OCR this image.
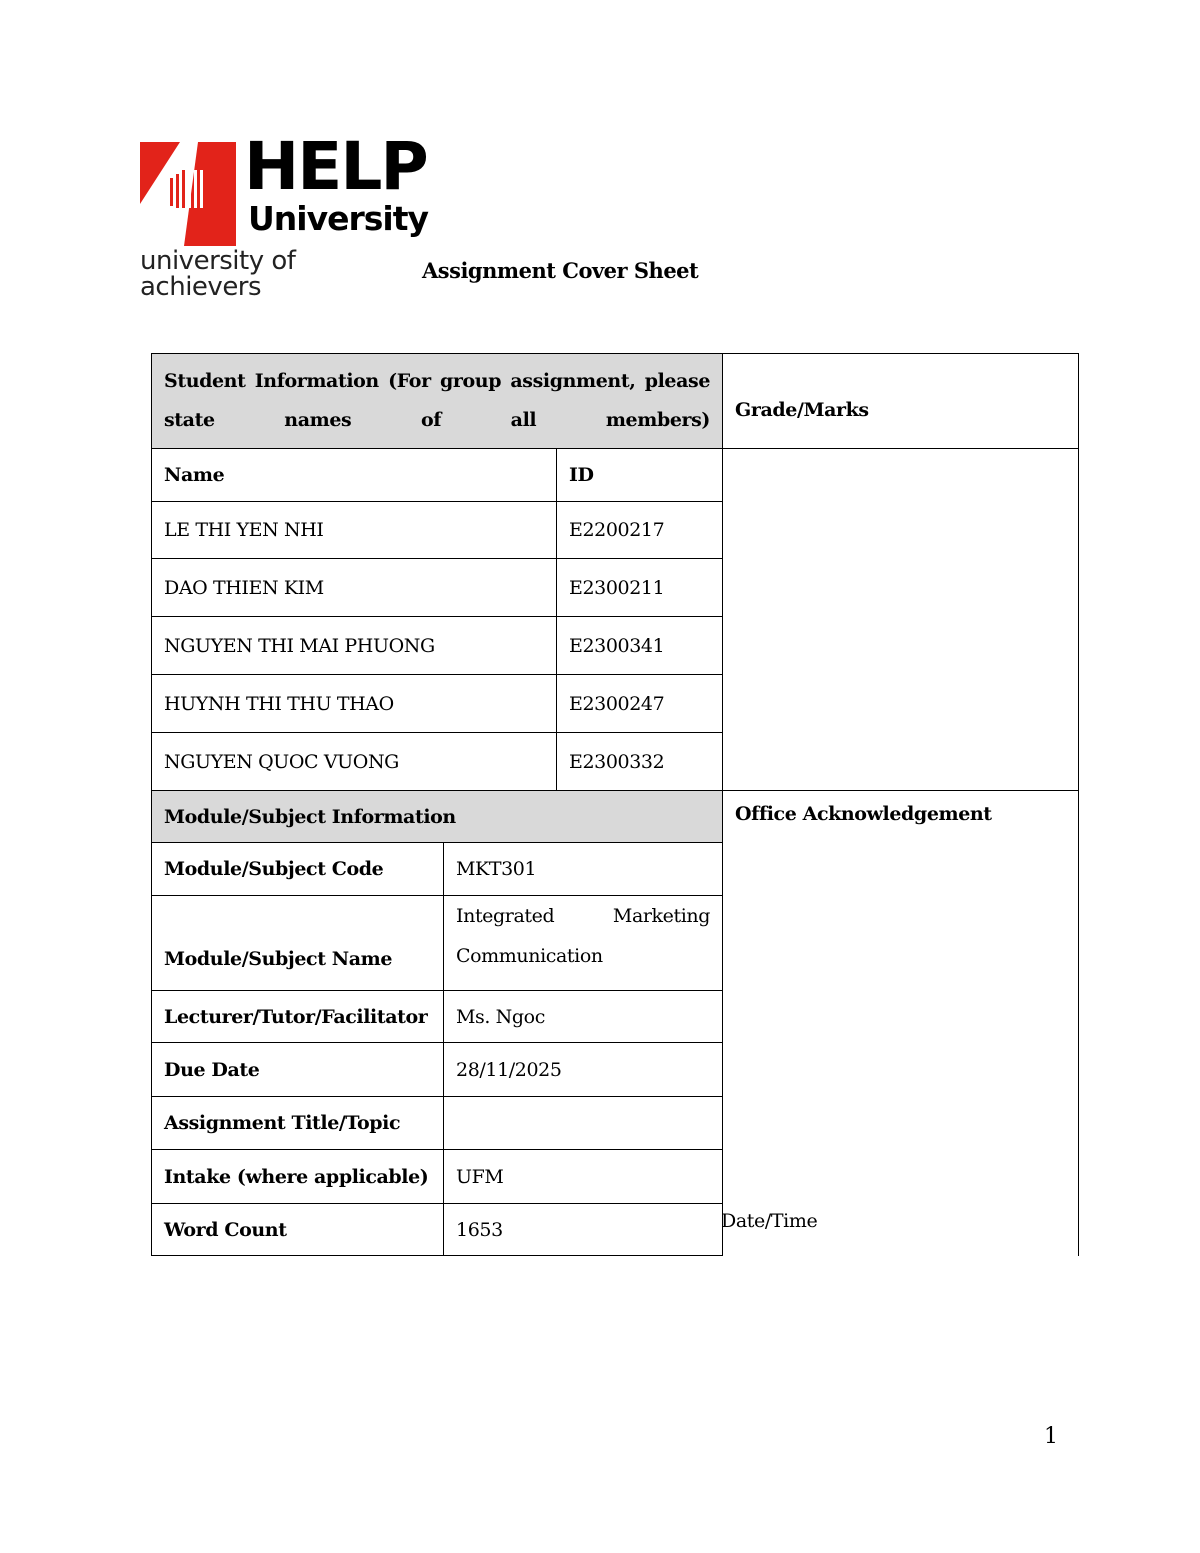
HELP
University
university of achievers
Assignment Cover Sheet
Student Information (For group assignment, please state names of all members)			Grade/Marks
Name		ID	
LE THI YEN NHI		E2200217	
DAO THIEN KIM		E2300211	
NGUYEN THI MAI PHUONG		E2300341	
HUYNH THI THU THAO		E2300247	
NGUYEN QUOC VUONG		E2300332	
Module/Subject Information			Office Acknowledgement
Date/Time

Module/Subject Code	MKT301		
Module/Subject Name	Integrated Marketing
Communication		

Lecturer/Tutor/Facilitator	Ms. Ngoc		
Due Date	28/11/2025		
Assignment Title/Topic			
Intake (where applicable)	UFM		
Word Count	1653		
1
